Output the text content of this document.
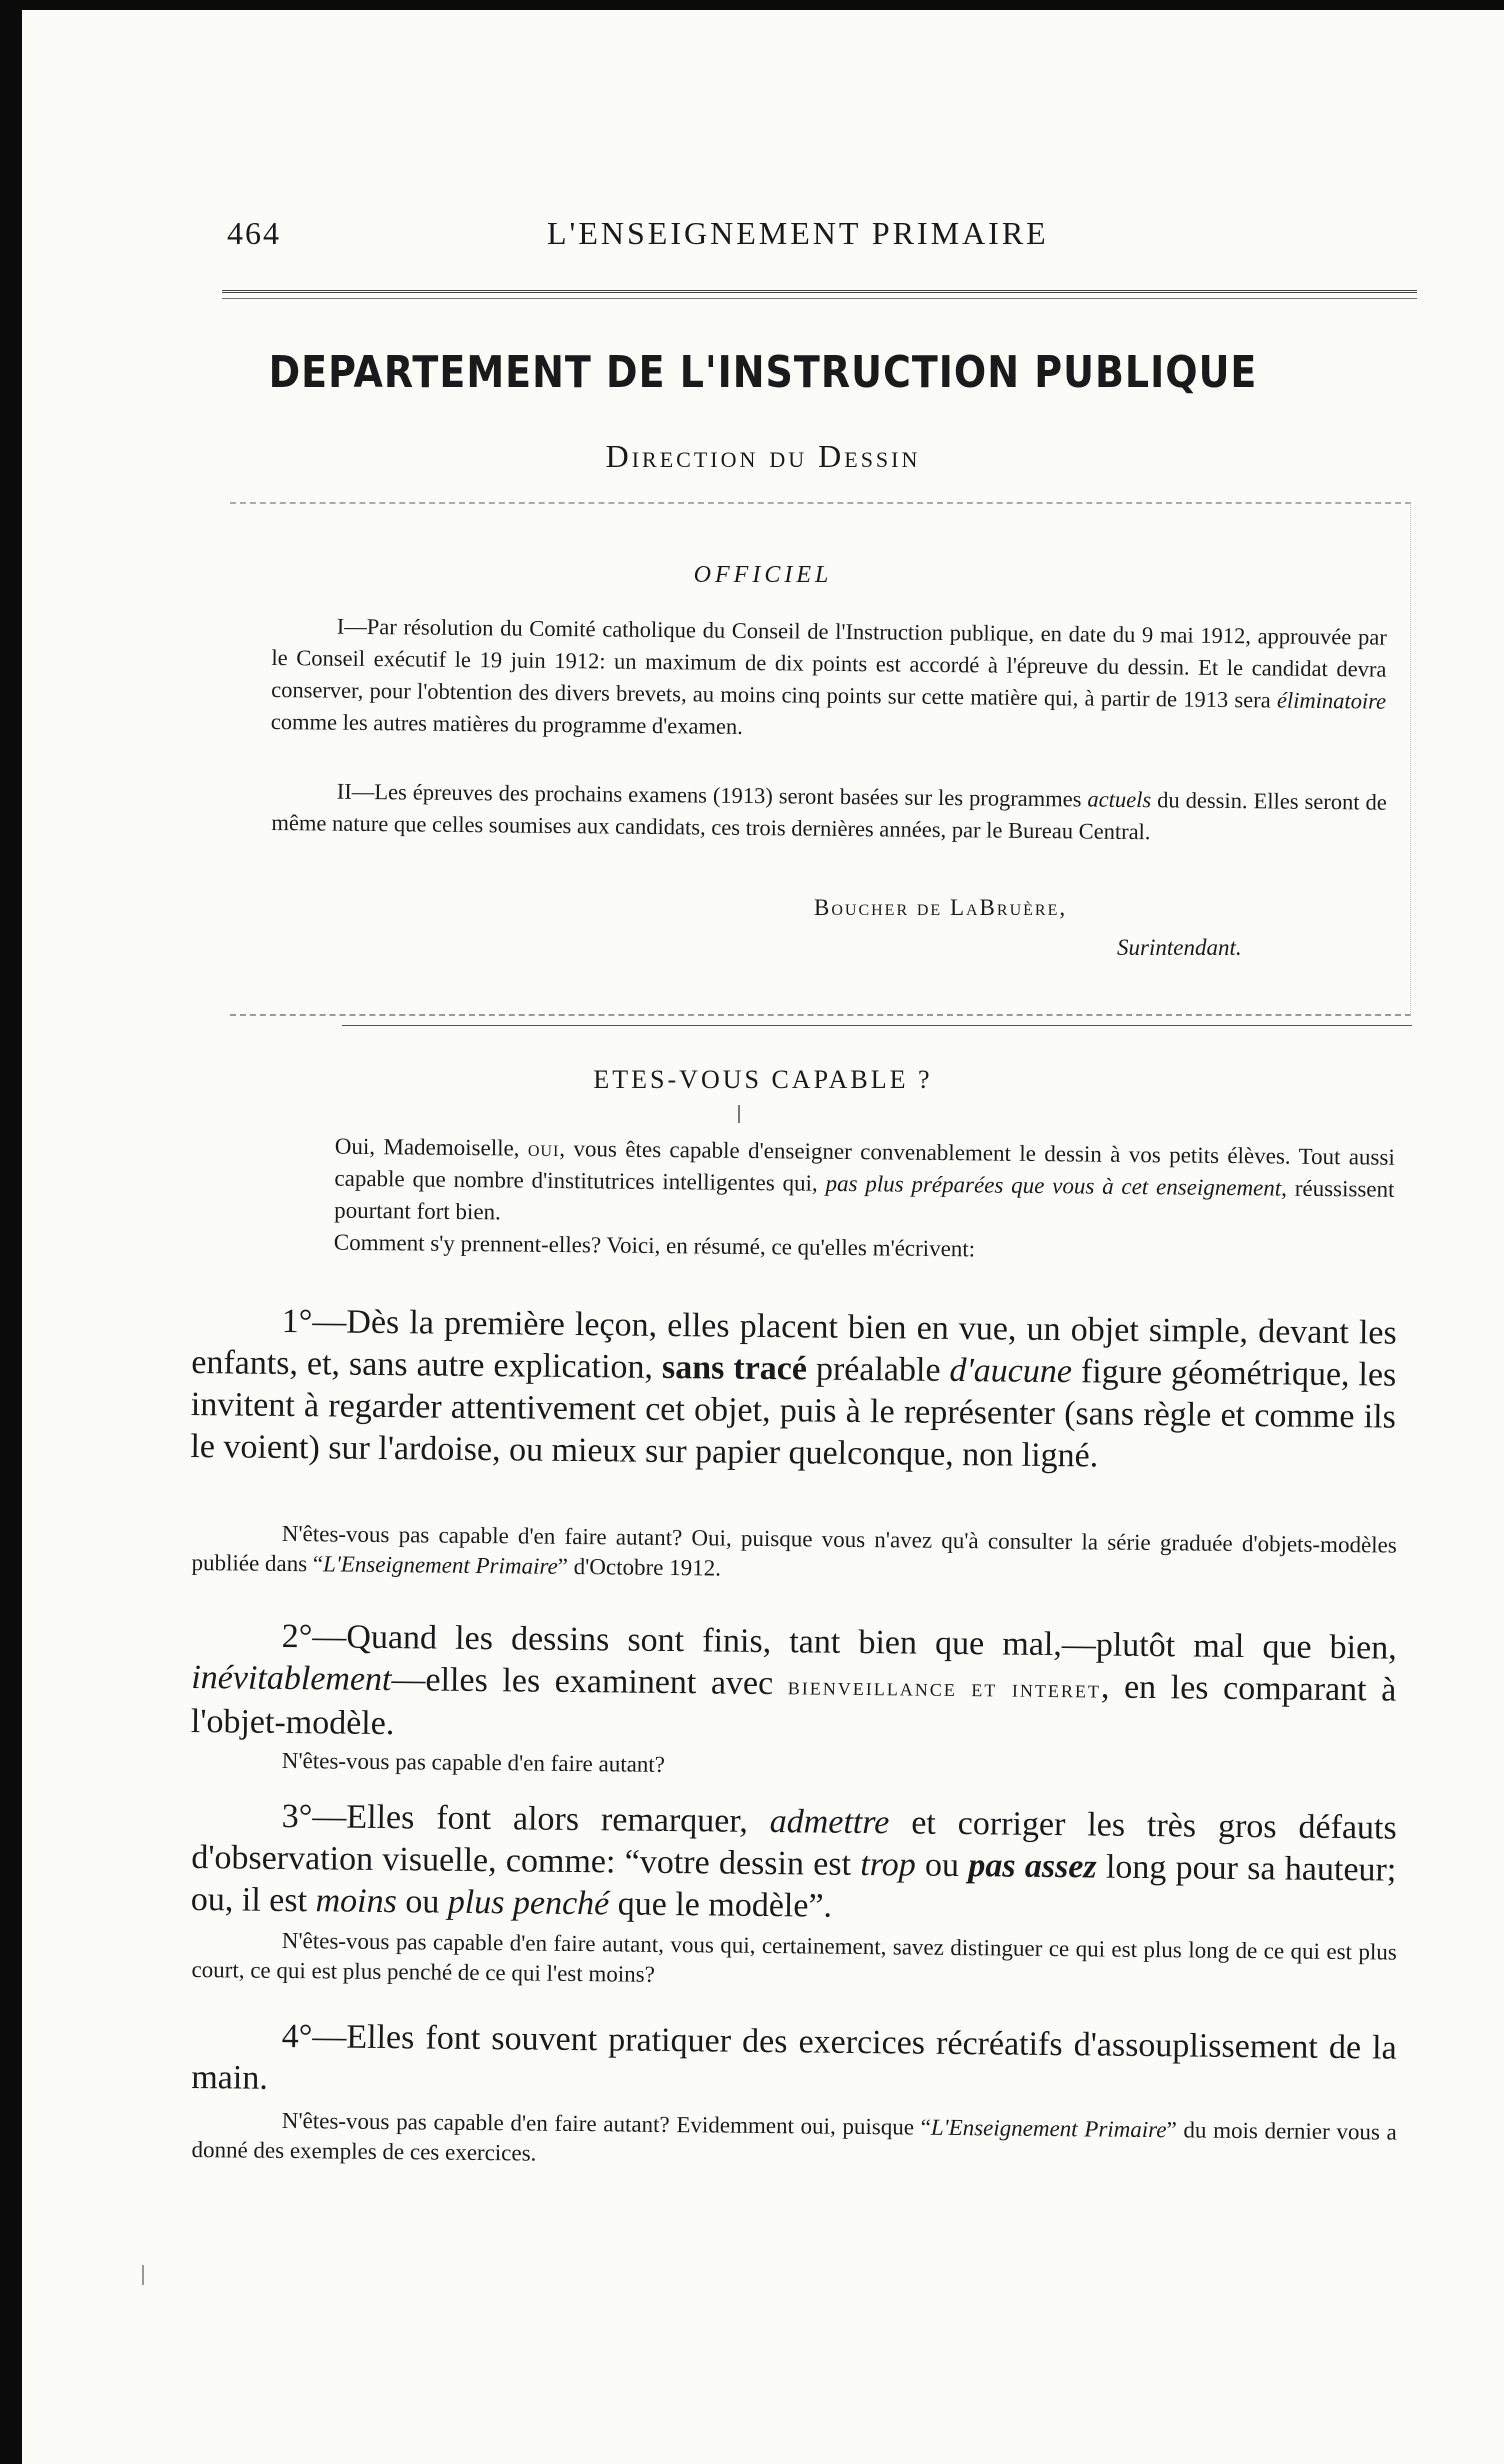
464	L'ENSEIGNEMENT PRIMAIRE
DEPARTEMENT DE L'INSTRUCTION PUBLIQUE
Direction du Dessin
OFFICIEL
I—Par résolution du Comité catholique du Conseil de l'Instruction publique, en date du 9 mai 1912, approuvée par le Conseil exécutif le 19 juin 1912: un maximum de dix points est accordé à l'épreuve du dessin. Et le candidat devra conserver, pour l'obtention des divers brevets, au moins cinq points sur cette matière qui, à partir de 1913 sera éliminatoire comme les autres matières du programme d'examen.
II—Les épreuves des prochains examens (1913) seront basées sur les programmes actuels du dessin. Elles seront de même nature que celles soumises aux candidats, ces trois dernières années, par le Bureau Central.
Boucher de LaBruère,
Surintendant.
ETES-VOUS CAPABLE ?
Oui, Mademoiselle, oui, vous êtes capable d'enseigner convenablement le dessin à vos petits élèves. Tout aussi capable que nombre d'institutrices intelligentes qui, pas plus préparées que vous à cet enseignement, réussissent pourtant fort bien.
Comment s'y prennent-elles? Voici, en résumé, ce qu'elles m'écrivent:
1°—Dès la première leçon, elles placent bien en vue, un objet simple, devant les enfants, et, sans autre explication, sans tracé préalable d'aucune figure géométrique, les invitent à regarder attentivement cet objet, puis à le représenter (sans règle et comme ils le voient) sur l'ardoise, ou mieux sur papier quelconque, non ligné.
N'êtes-vous pas capable d'en faire autant? Oui, puisque vous n'avez qu'à consulter la série graduée d'objets-modèles publiée dans “L'Enseignement Primaire” d'Octobre 1912.
2°—Quand les dessins sont finis, tant bien que mal,—plutôt mal que bien, inévitablement—elles les examinent avec bienveillance et interet, en les comparant à l'objet-modèle.
N'êtes-vous pas capable d'en faire autant?
3°—Elles font alors remarquer, admettre et corriger les très gros défauts d'observation visuelle, comme: “votre dessin est trop ou pas assez long pour sa hauteur; ou, il est moins ou plus penché que le modèle”.
N'êtes-vous pas capable d'en faire autant, vous qui, certainement, savez distinguer ce qui est plus long de ce qui est plus court, ce qui est plus penché de ce qui l'est moins?
4°—Elles font souvent pratiquer des exercices récréatifs d'assouplissement de la main.
N'êtes-vous pas capable d'en faire autant? Evidemment oui, puisque “L'Enseignement Primaire” du mois dernier vous a donné des exemples de ces exercices.
